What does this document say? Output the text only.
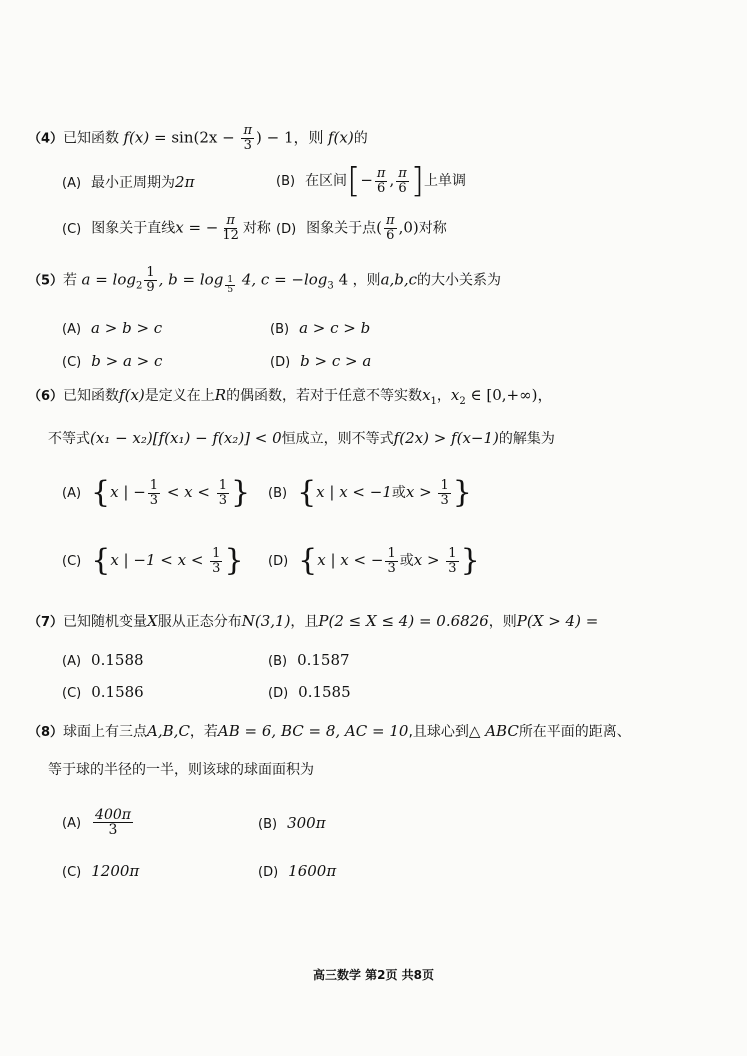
（4）已知函数 $f(x) = \sin(2x - \frac{\pi}{3}$ ) − 1，则 f(x)的
(A) 最小正周期为2π	(B) 在区间[− $\frac{\pi}{6}$ , $\frac{\pi}{6}$ ]上单调
(C) 图象关于直线x = − $\frac{\pi}{12}$ 对称 (D) 图象关于点( $\frac{\pi}{6} ,0$)对称
（5）若 $a = \log_2 \frac{1}{9}$ , b = log $_{\frac{1}{5}}$ 4, $c = -\log_3$ 4 ，则a,b,c的大小关系为
(A) a > b > c	(B) a > c > b
(C) b > a > c	(D) b > c > a
（6）已知函数f(x)是定义在上R的偶函数，若对于任意不等实数$x_1$，$x_2$ ∈ [0,+∞)，
不等式(x₁ − x₂)[f(x₁) − f(x₂)] < 0恒成立，则不等式f(2x) > f(x−1)的解集为
(A) {x | − $\frac{1}{3} < x < \frac{1}{3}$ } (B) {x | x < −1或$x > \frac{1}{3}$ }
(C) {x | $-1 < x < \frac{1}{3}$ } (D) {x | x < − $\frac{1}{3}$ 或$x > \frac{1}{3}$ }
（7）已知随机变量X服从正态分布N(3,1)，且P(2 ≤ X ≤ 4) = 0.6826，则P(X > 4) =
(A) 0.1588	(B) 0.1587
(C) 0.1586	(D) 0.1585
（8）球面上有三点A,B,C，若AB = 6, BC = 8, AC = 10,且球心到△ ABC所在平面的距离、
等于球的半径的一半，则该球的球面面积为
$(A) \frac{400\pi}{3}$	(B) 300π
(C) 1200π	(D) 1600π
高三数学 第2页 共8页
